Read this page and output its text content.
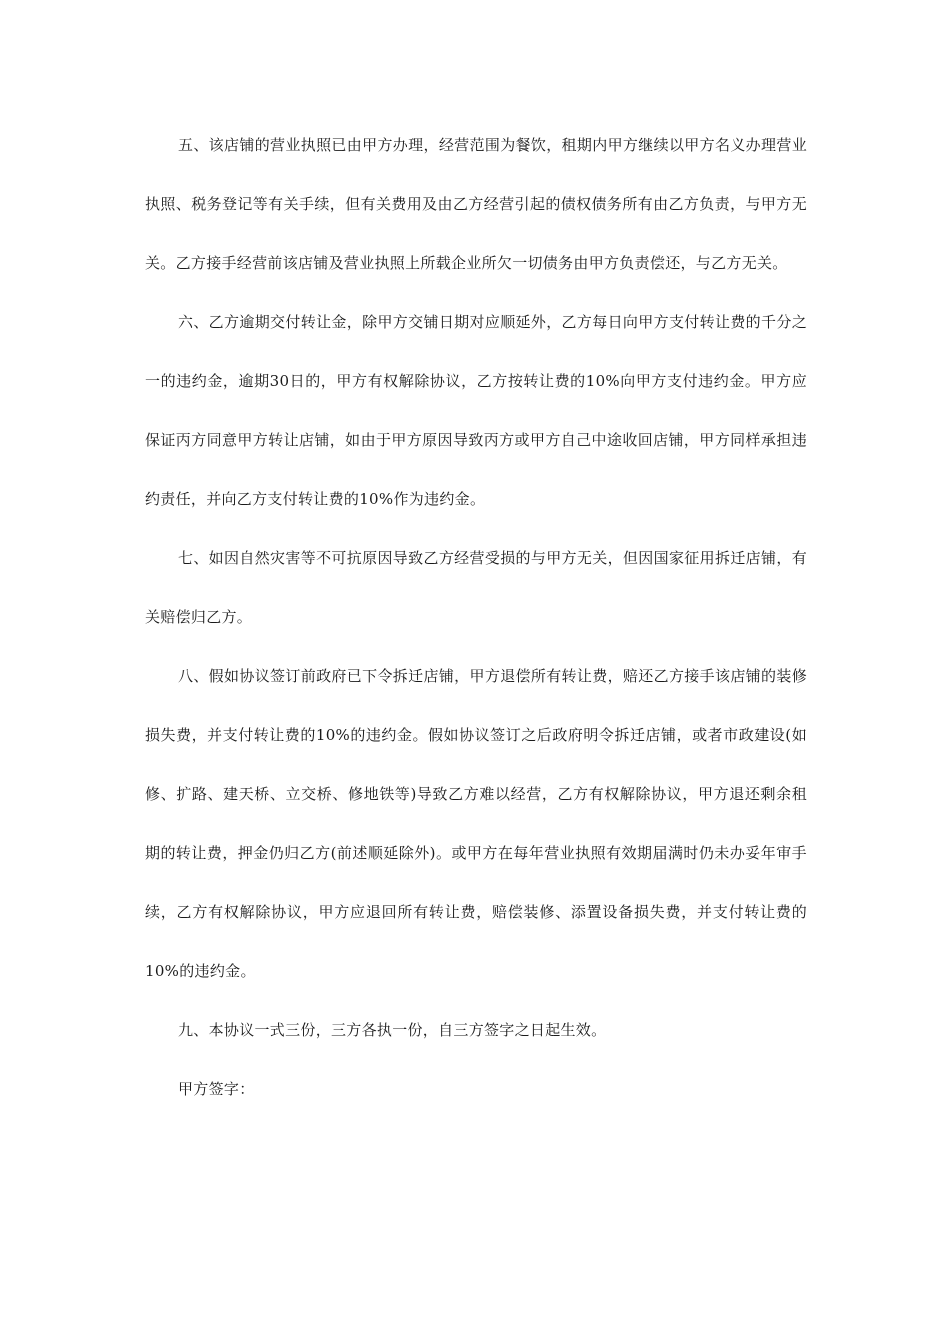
五、该店铺的营业执照已由甲方办理，经营范围为餐饮，租期内甲方继续以甲方名义办理营业执照、税务登记等有关手续，但有关费用及由乙方经营引起的债权债务所有由乙方负责，与甲方无关。乙方接手经营前该店铺及营业执照上所载企业所欠一切债务由甲方负责偿还，与乙方无关。

六、乙方逾期交付转让金，除甲方交铺日期对应顺延外，乙方每日向甲方支付转让费的千分之一的违约金，逾期30日的，甲方有权解除协议，乙方按转让费的10%向甲方支付违约金。甲方应保证丙方同意甲方转让店铺，如由于甲方原因导致丙方或甲方自己中途收回店铺，甲方同样承担违约责任，并向乙方支付转让费的10%作为违约金。

七、如因自然灾害等不可抗原因导致乙方经营受损的与甲方无关，但因国家征用拆迁店铺，有关赔偿归乙方。

八、假如协议签订前政府已下令拆迁店铺，甲方退偿所有转让费，赔还乙方接手该店铺的装修损失费，并支付转让费的10%的违约金。假如协议签订之后政府明令拆迁店铺，或者市政建设(如修、扩路、建天桥、立交桥、修地铁等)导致乙方难以经营，乙方有权解除协议，甲方退还剩余租期的转让费，押金仍归乙方(前述顺延除外)。或甲方在每年营业执照有效期届满时仍未办妥年审手续，乙方有权解除协议，甲方应退回所有转让费，赔偿装修、添置设备损失费，并支付转让费的10%的违约金。

九、本协议一式三份，三方各执一份，自三方签字之日起生效。

甲方签字：
